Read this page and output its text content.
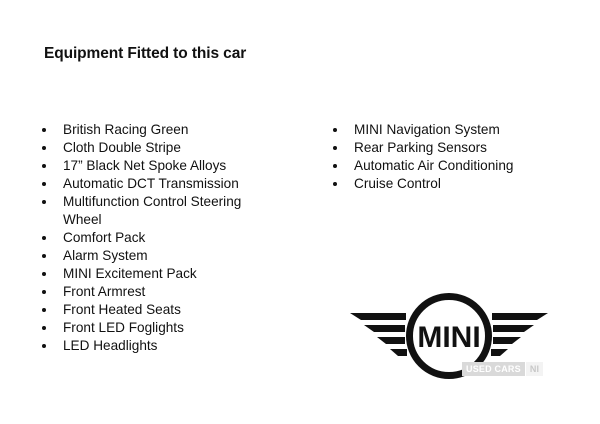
Equipment Fitted to this car
British Racing Green
Cloth Double Stripe
17” Black Net Spoke Alloys
Automatic DCT Transmission
Multifunction Control Steering Wheel
Comfort Pack
Alarm System
MINI Excitement Pack
Front Armrest
Front Heated Seats
Front LED Foglights
LED Headlights
MINI Navigation System
Rear Parking Sensors
Automatic Air Conditioning
Cruise Control
MINI
USED CARS	NI
